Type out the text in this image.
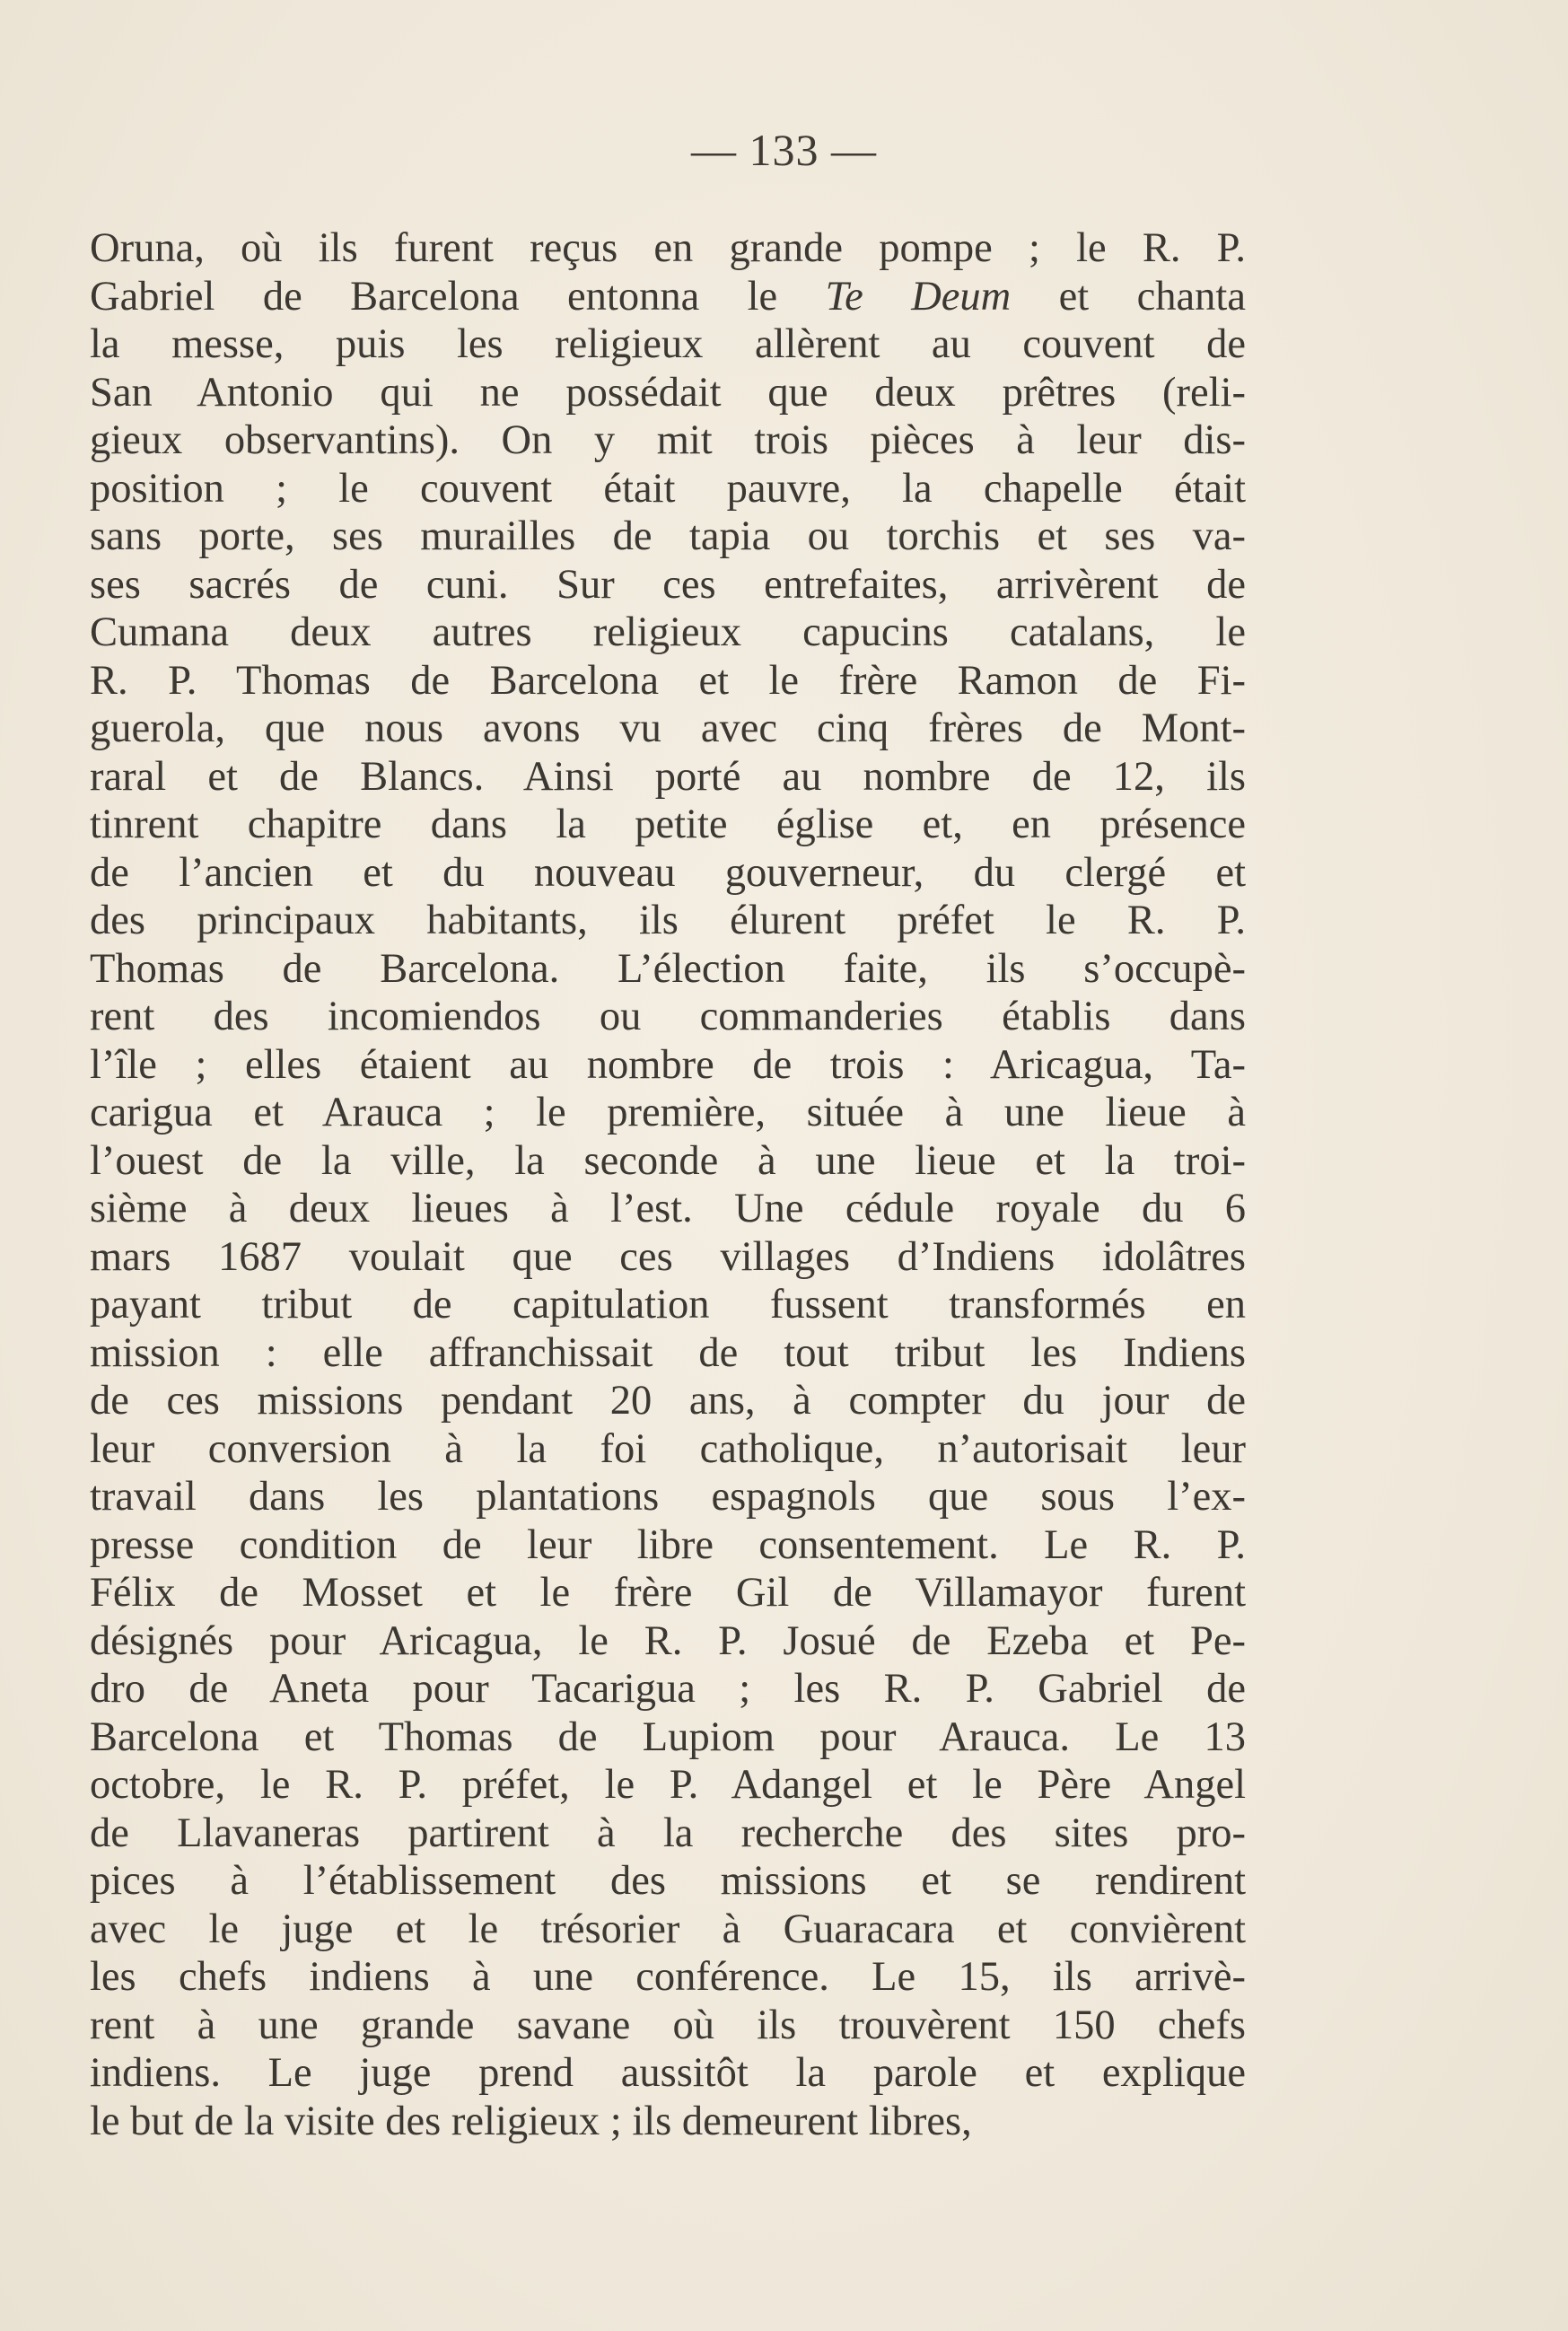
— 133 —
Oruna, où ils furent reçus en grande pompe ; le R. P.
Gabriel de Barcelona entonna le Te Deum et chanta
la messe, puis les religieux allèrent au couvent de
San Antonio qui ne possédait que deux prêtres (reli-
gieux observantins). On y mit trois pièces à leur dis-
position ; le couvent était pauvre, la chapelle était
sans porte, ses murailles de tapia ou torchis et ses va-
ses sacrés de cuni. Sur ces entrefaites, arrivèrent de
Cumana deux autres religieux capucins catalans, le
R. P. Thomas de Barcelona et le frère Ramon de Fi-
guerola, que nous avons vu avec cinq frères de Mont-
raral et de Blancs. Ainsi porté au nombre de 12, ils
tinrent chapitre dans la petite église et, en présence
de l’ancien et du nouveau gouverneur, du clergé et
des principaux habitants, ils élurent préfet le R. P.
Thomas de Barcelona. L’élection faite, ils s’occupè-
rent des incomiendos ou commanderies établis dans
l’île ; elles étaient au nombre de trois : Aricagua, Ta-
carigua et Arauca ; le première, située à une lieue à
l’ouest de la ville, la seconde à une lieue et la troi-
sième à deux lieues à l’est. Une cédule royale du 6
mars 1687 voulait que ces villages d’Indiens idolâtres
payant tribut de capitulation fussent transformés en
mission : elle affranchissait de tout tribut les Indiens
de ces missions pendant 20 ans, à compter du jour de
leur conversion à la foi catholique, n’autorisait leur
travail dans les plantations espagnols que sous l’ex-
presse condition de leur libre consentement. Le R. P.
Félix de Mosset et le frère Gil de Villamayor furent
désignés pour Aricagua, le R. P. Josué de Ezeba et Pe-
dro de Aneta pour Tacarigua ; les R. P. Gabriel de
Barcelona et Thomas de Lupiom pour Arauca. Le 13
octobre, le R. P. préfet, le P. Adangel et le Père Angel
de Llavaneras partirent à la recherche des sites pro-
pices à l’établissement des missions et se rendirent
avec le juge et le trésorier à Guaracara et convièrent
les chefs indiens à une conférence. Le 15, ils arrivè-
rent à une grande savane où ils trouvèrent 150 chefs
indiens. Le juge prend aussitôt la parole et explique
le but de la visite des religieux ; ils demeurent libres,
